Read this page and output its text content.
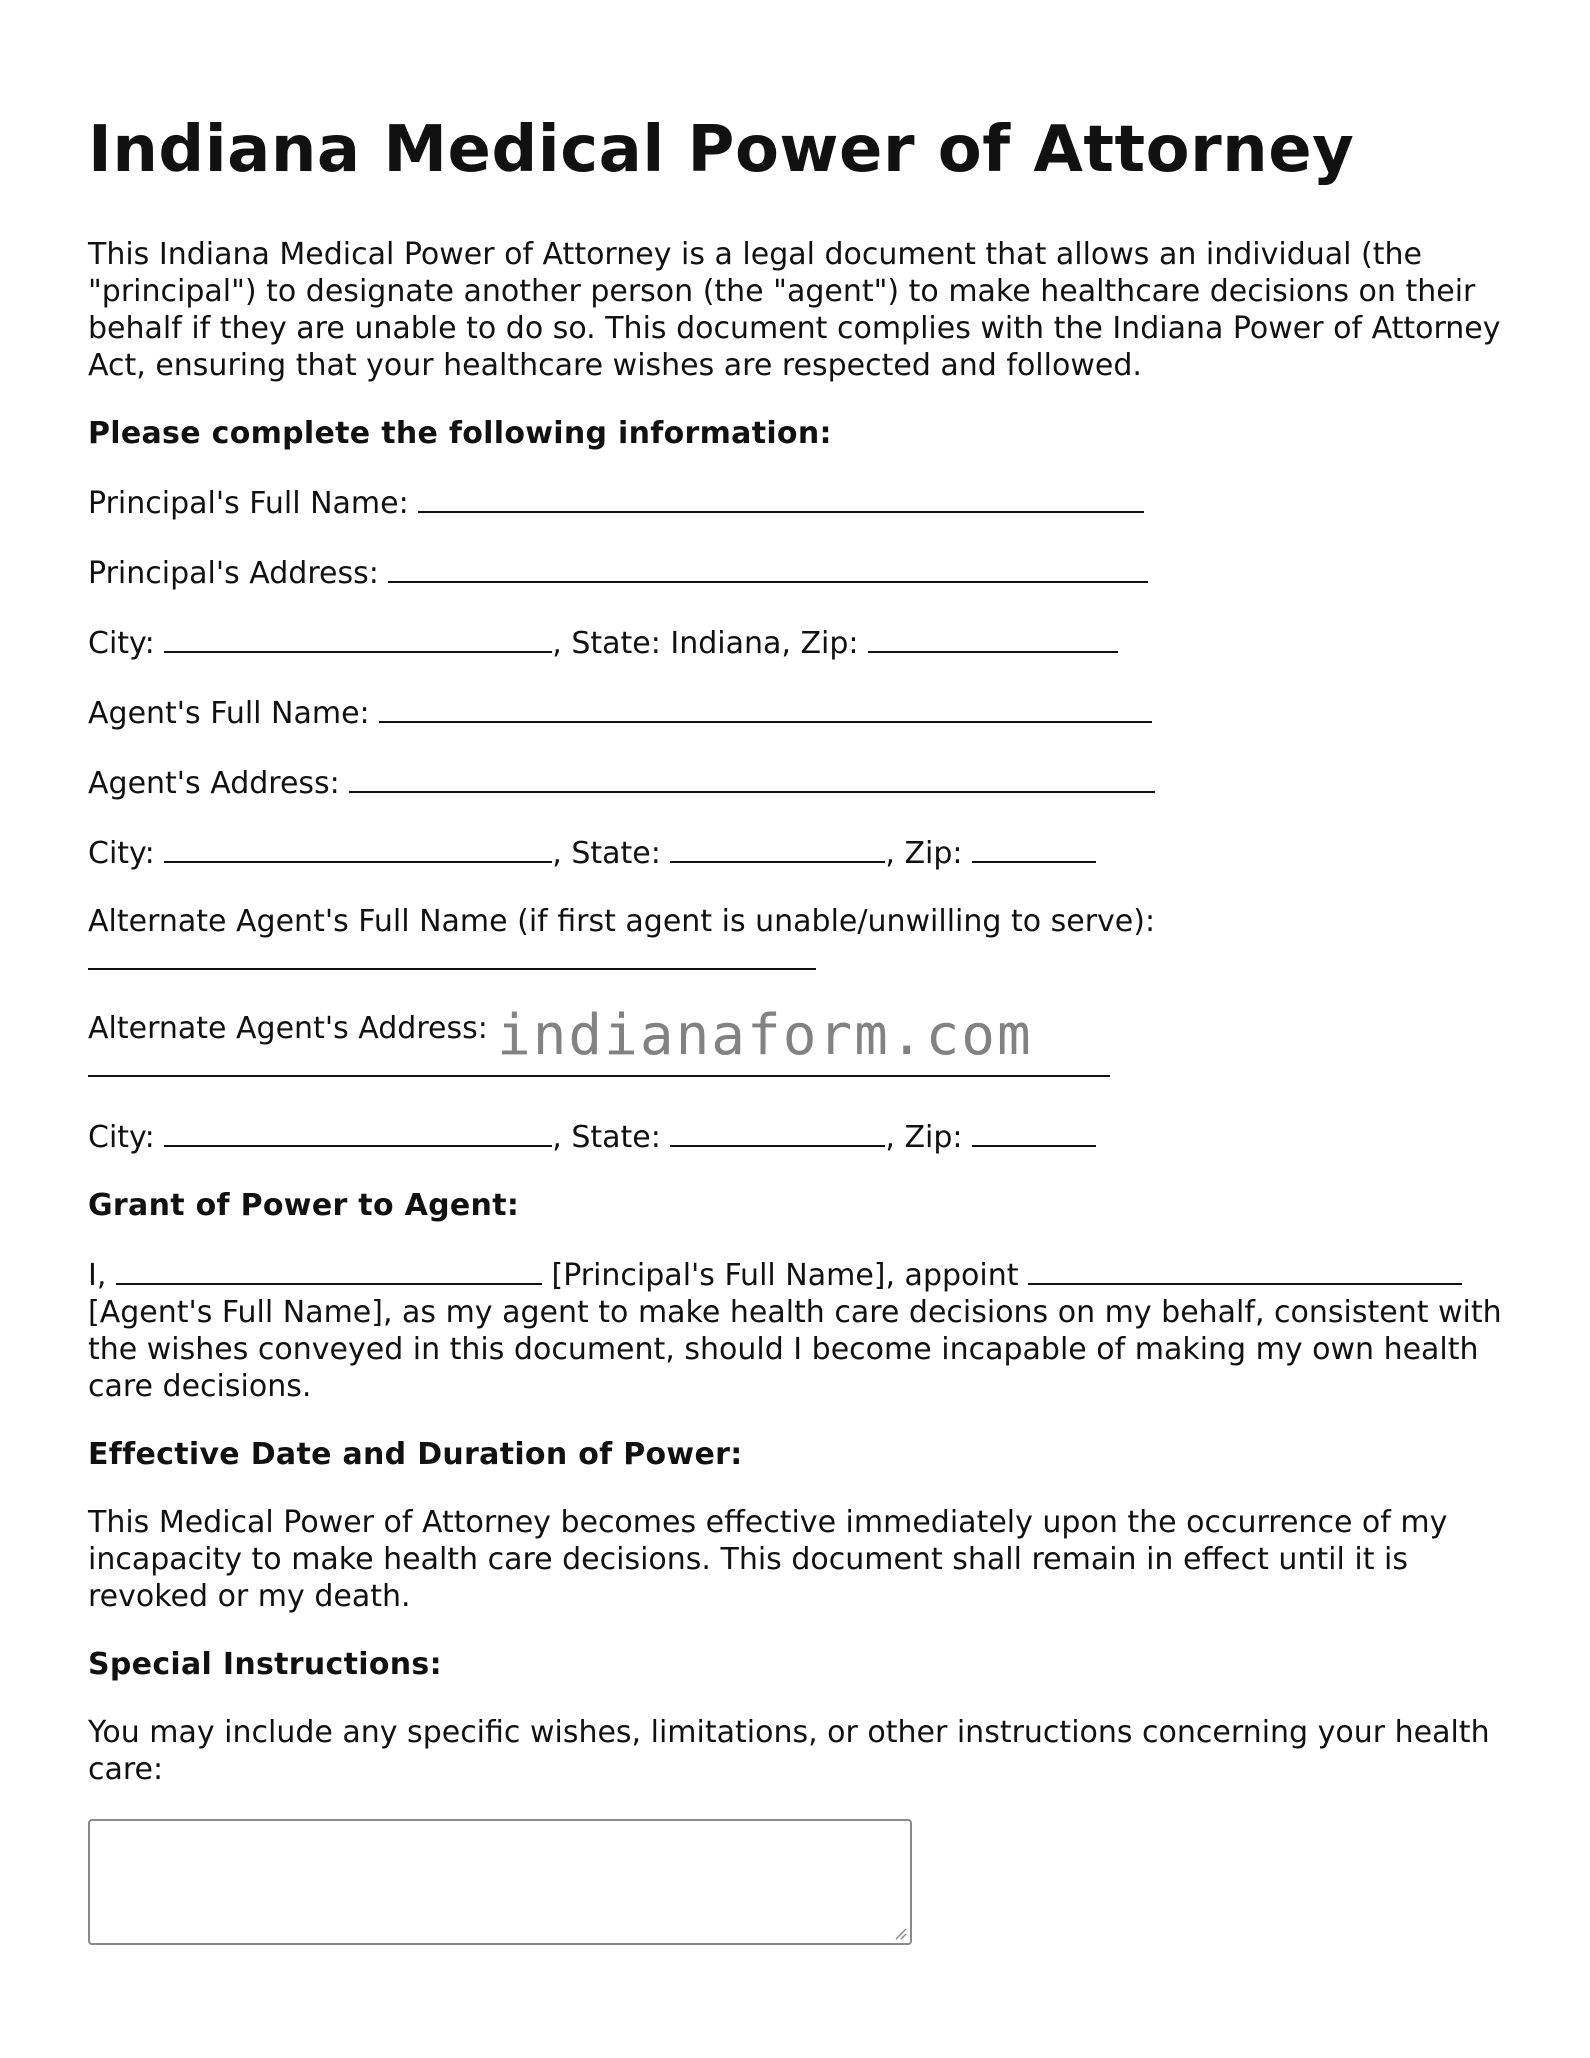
Indiana Medical Power of Attorney

This Indiana Medical Power of Attorney is a legal document that allows an individual (the "principal") to designate another person (the "agent") to make healthcare decisions on their behalf if they are unable to do so. This document complies with the Indiana Power of Attorney Act, ensuring that your healthcare wishes are respected and followed.

Please complete the following information:

Principal's Full Name:

Principal's Address:

City:	, State: Indiana, Zip:

Agent's Full Name:

Agent's Address:

City:	, State:	, Zip:

Alternate Agent's Full Name (if first agent is unable/unwilling to serve):

Alternate Agent's Address:

City:	, State:	, Zip:

Grant of Power to Agent:

I,	[Principal's Full Name], appoint  [Agent's Full Name], as my agent to make health care decisions on my behalf, consistent with the wishes conveyed in this document, should I become incapable of making my own health care decisions.

Effective Date and Duration of Power:

This Medical Power of Attorney becomes effective immediately upon the occurrence of my incapacity to make health care decisions. This document shall remain in effect until it is revoked or my death.

Special Instructions:

You may include any specific wishes, limitations, or other instructions concerning your health care:

indianaform.com
